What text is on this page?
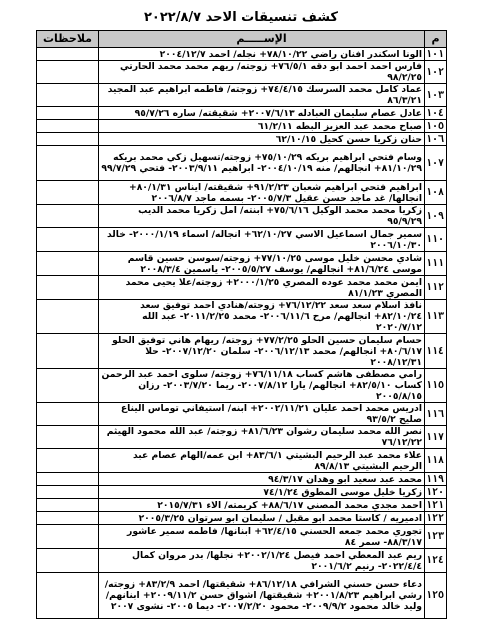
كشف تنسيقات الاحد ٢٠٢٢/٨/٧
م	الإســـــم	ملاحظات
١٠١	الونا اسكندر افنان راضي ٧٨/١٠/٢٢+ نجله/ احمد ٢٠٠٤/١٢/٧	
١٠٢	فارس احمد احمد ابو دقه ٧٦/٥/١+ زوجته/ ريهم محمد محمد الحارتي ٩٨/٢/٢٥	
١٠٣	عماد كامل محمد السرسك ٧٤/٤/١٥+ زوجته/ فاطمه ابراهيم عبد المجيد ٨٦/٣/٢١	
١٠٤	عادل عصام سليمان العبادله ٢٠٠٧/٦/١٣+ شقيقته/ ساره ٩٥/٧/٢٦	
١٠٥	صباح محمد عبد العزيز البطه ٦١/٢/١١	
١٠٦	حنان زكريا حسن كحيل ٦٢/١٠/١٥	
١٠٧	وسام فتحي ابراهيم بريكه ٧٥/١٠/٢٩+ زوجته/تسهيل زكي محمد بريكه ٨١/١٠/٢٩+ انجالهم/ منه ٢٠٠٤/١٠/١٩- ابراهيم ٢٠٠٣/٩/١١- فتحي ٩٩/٧/٢٩	
١٠٨	ابراهيم فتحي ابراهيم شعبان ٩١/٢/٢٣+ شقيقته/ ايناس ٨٠/١/٣١+ انجالها/ غد ماجد حسن عقيل ٢٠٠٥/٧/٣- بسمه ماجد ٢٠٠٦/٨/٧	
١٠٩	زكريا محمد محمد الوكيل ٧٥/٦/١٦+ ابنته/ امل زكريا محمد الديب ٩٥/٩/٢٩	
١١٠	سمير جمال اسماعيل الاسي ٦٢/١٠/٢٧+ انجاله/ اسماء ٢٠٠٠/١/١٩- خالد ٢٠٠٦/١٠/٣٠	
١١١	شادي محسن خليل موسى ٧٧/١٠/٢٥+ زوجته/سوسن حسين قاسم موسى ٨١/٦/٢٤+ انجالهم/ يوسف ٢٠٠٥/٥/٢٧- ياسمين ٢٠٠٨/٣/٤	
١١٢	ايمن محمد محمد عوده المصري ٢٠٠٠/١/٢٥+ زوجته/علا يحيى محمد المصري ٨١/١/٢٣	
١١٣	نافذ اسلام سعد سعد ٧٦/١٢/٢٢+ زوجته/هنادي احمد توفيق سعد ٨٢/١٠/٢٤+ انجالهم/ مرح ٢٠٠٦/١١/٦- محمد ٢٠١١/٢/٢٥- عبد الله ٢٠٢٠/٧/١٢	
١١٤	حسام سليمان حسين الحلو ٧٧/٢/٢٥+ زوجته/ ريهام هاني توفيق الحلو ٨٠/٦/١٧+ انجالهم/ محمد ٢٠٠٦/١٢/١٣- سلمان ٢٠٠٧/١٢/٢٠- حلا ٢٠٠٨/١٢/٣١	
١١٥	رامي مصطفى هاشم كساب ٧٦/١١/١٨+ زوجته/ سلوى احمد عبد الرحمن كساب ٨٢/٥/١٠+ انجالهم/ يارا ٢٠٠٧/٨/١٢- ريما ٢٠٠٣/٧/٢٠- رزان ٢٠٠٥/٨/١٥	
١١٦	ادريس محمد احمد عليان ٢٠٠٢/١١/٢١+ ابنه/ استيفاني توماس اليناع صليح ٩٣/٥/٢	
١١٧	نصر الله محمد سليمان رشوان ٨١/٦/٢٣+ زوجته/ عبد الله محمود الهيثم ٧٦/١٢/٢٢	
١١٨	علاء محمد عبد الرحيم البشيتي ٨٣/٦/١+ ابن عمه/الهام عصام عبد الرحيم البشيتي ٨٩/٨/١٣	
١١٩	محمد عبد سعيد ابو وهدان ٩٤/٣/١٧	
١٢٠	زكريا خليل موسى المطوق ٧٤/١/٢٤	
١٢١	احمد مجدي محمد المصني ٨٨/٦/١٧+ كريمته/ الاء ٢٠١٥/٧/٣١	
١٢٢	ادميريه / كاستا محمد ابو مقبل / سليمان ابو سرتوان ٢٠٠٥/٣/٢٥	
١٢٣	تجوري محمد جمعه الحسني ٦٢/٤/١٥+ ابنانها/ فاطمه سمير عاشور ٨٨/٣/١٧- سمر ٨٤	
١٢٤	ريم عبد المعطي احمد فيصل ٢٠٠٢/١/٢٤+ نجلها/ بدر مروان كمال ٢٠٢٢/٤/٤- رنيم ٢٠٠١/٦/٢	
١٢٥	دعاء حسن حسني الشرافي ٨٦/١٢/١٨+ شقيقتها/ احمد ٨٣/٢/٩+ زوجته/ رشي ابراهيم ٢٠٠١/٨/٢٣+ شقيقتها/ اشواق حسن ٢٠٠٩/١١/٢+ ابنانهم/ وليد خالد محمود ٢٠٠٩/٩/٢- محمود ٢٠٠٧/٢/٢٠- ديما ٢٠٠٥- نشوى ٢٠٠٧	
